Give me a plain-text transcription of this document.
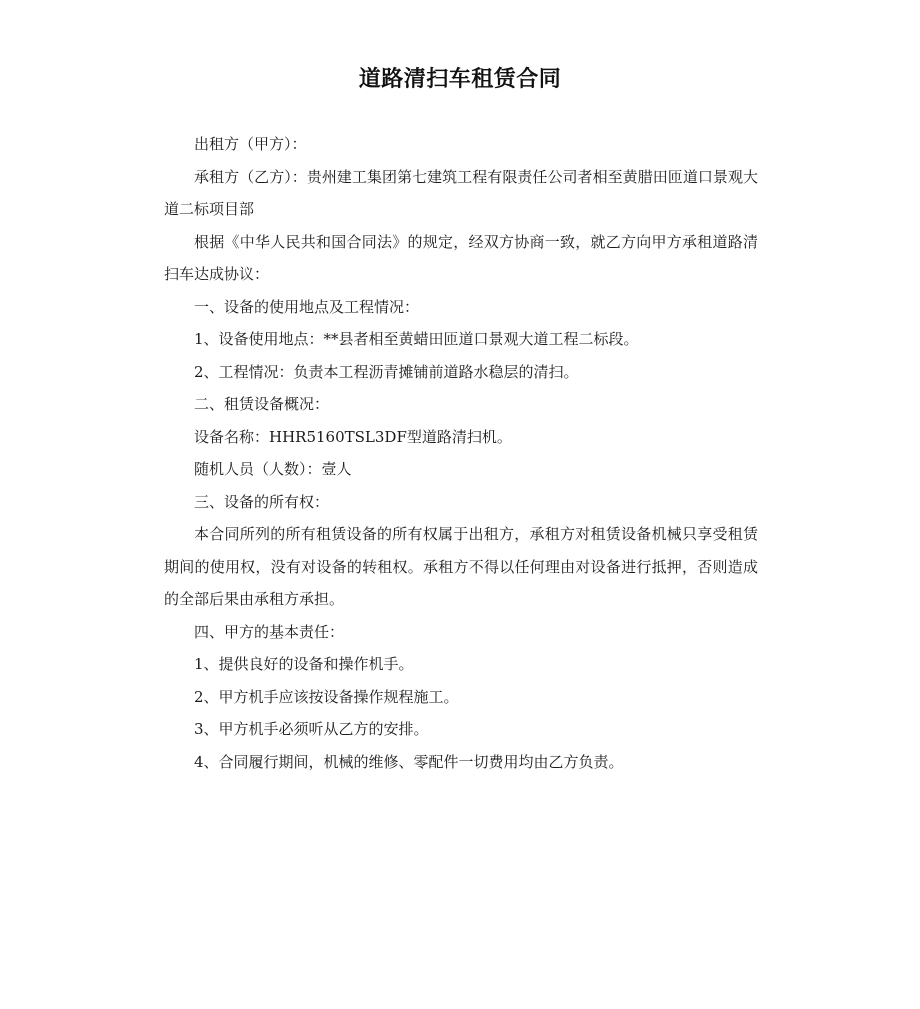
道路清扫车租赁合同

出租方（甲方）：

承租方（乙方）：贵州建工集团第七建筑工程有限责任公司者相至黄腊田匝道口景观大道二标项目部

根据《中华人民共和国合同法》的规定，经双方协商一致，就乙方向甲方承租道路清扫车达成协议：

一、设备的使用地点及工程情况：

1、设备使用地点：**县者相至黄蜡田匝道口景观大道工程二标段。

2、工程情况：负责本工程沥青摊铺前道路水稳层的清扫。

二、租赁设备概况：

设备名称：HHR5160TSL3DF型道路清扫机。

随机人员（人数）：壹人

三、设备的所有权：

本合同所列的所有租赁设备的所有权属于出租方，承租方对租赁设备机械只享受租赁期间的使用权，没有对设备的转租权。承租方不得以任何理由对设备进行抵押，否则造成的全部后果由承租方承担。

四、甲方的基本责任：

1、提供良好的设备和操作机手。

2、甲方机手应该按设备操作规程施工。

3、甲方机手必须听从乙方的安排。

4、合同履行期间，机械的维修、零配件一切费用均由乙方负责。
